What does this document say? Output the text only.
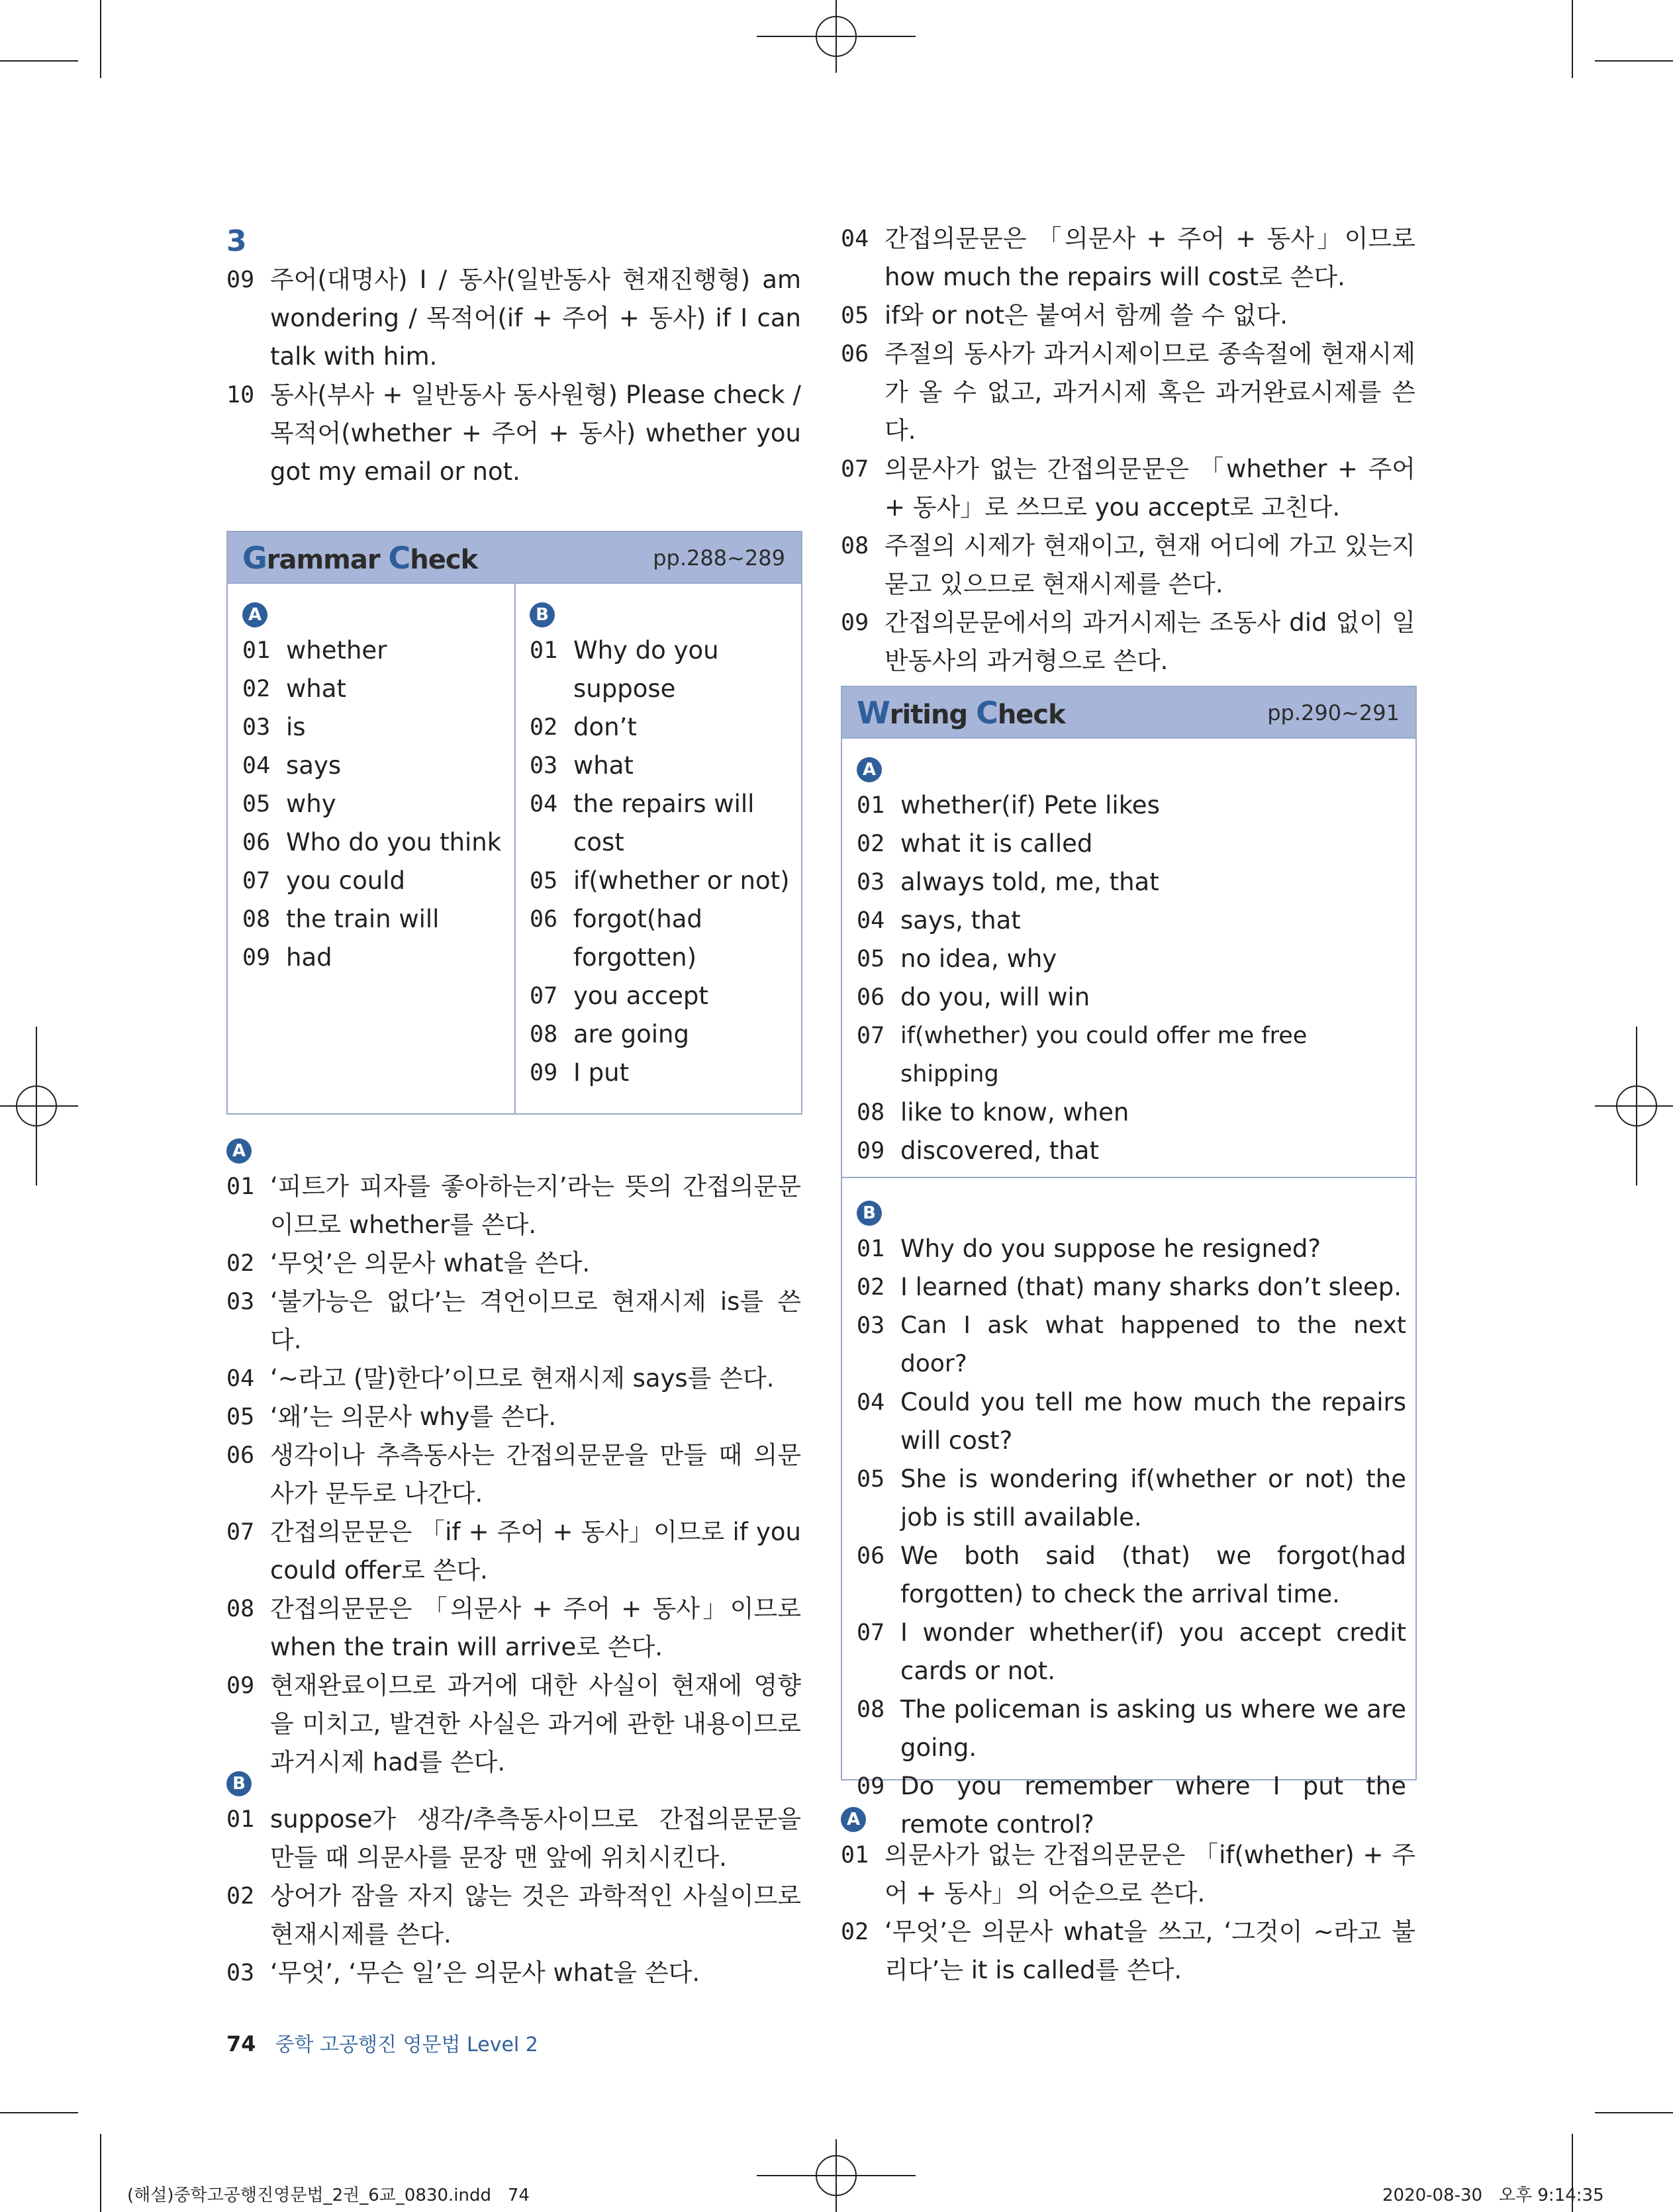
3
09 주어(대명사) I / 동사(일반동사 현재진행형) am wondering / 목적어(if + 주어 + 동사) if I can talk with him.
10 동사(부사 + 일반동사 동사원형) Please check / 목적어(whether + 주어 + 동사) whether you got my email or not.
Grammar Check	pp.288~289
A
01 whether
02 what
03 is
04 says
05 why
06 Who do you think
07 you could
08 the train will
09 had
B
01 Why do you suppose
02 don’t
03 what
04 the repairs will cost
05 if(whether or not)
06 forgot(had forgotten)
07 you accept
08 are going
09 I put
A
01 ‘피트가 피자를 좋아하는지’라는 뜻의 간접의문문이므로 whether를 쓴다.
02 ‘무엇’은 의문사 what을 쓴다.
03 ‘불가능은 없다’는 격언이므로 현재시제 is를 쓴다.
04 ‘~라고 (말)한다’이므로 현재시제 says를 쓴다.
05 ‘왜’는 의문사 why를 쓴다.
06 생각이나 추측동사는 간접의문문을 만들 때 의문사가 문두로 나간다.
07 간접의문문은 「if + 주어 + 동사」이므로 if you could offer로 쓴다.
08 간접의문문은 「의문사 + 주어 + 동사」이므로 when the train will arrive로 쓴다.
09 현재완료이므로 과거에 대한 사실이 현재에 영향을 미치고, 발견한 사실은 과거에 관한 내용이므로 과거시제 had를 쓴다.
B
01 suppose가 생각/추측동사이므로 간접의문문을 만들 때 의문사를 문장 맨 앞에 위치시킨다.
02 상어가 잠을 자지 않는 것은 과학적인 사실이므로 현재시제를 쓴다.
03 ‘무엇’, ‘무슨 일’은 의문사 what을 쓴다.
04 간접의문문은 「의문사 + 주어 + 동사」이므로 how much the repairs will cost로 쓴다.
05 if와 or not은 붙여서 함께 쓸 수 없다.
06 주절의 동사가 과거시제이므로 종속절에 현재시제가 올 수 없고, 과거시제 혹은 과거완료시제를 쓴다.
07 의문사가 없는 간접의문문은 「whether + 주어 + 동사」로 쓰므로 you accept로 고친다.
08 주절의 시제가 현재이고, 현재 어디에 가고 있는지 묻고 있으므로 현재시제를 쓴다.
09 간접의문문에서의 과거시제는 조동사 did 없이 일반동사의 과거형으로 쓴다.
Writing Check	pp.290~291
A
01 whether(if) Pete likes
02 what it is called
03 always told, me, that
04 says, that
05 no idea, why
06 do you, will win
07 if(whether) you could offer me free shipping
08 like to know, when
09 discovered, that
B
01 Why do you suppose he resigned?
02 I learned (that) many sharks don’t sleep.
03 Can I ask what happened to the next door?
04 Could you tell me how much the repairs will cost?
05 She is wondering if(whether or not) the job is still available.
06 We both said (that) we forgot(had forgotten) to check the arrival time.
07 I wonder whether(if) you accept credit cards or not.
08 The policeman is asking us where we are going.
09 Do you remember where I put the remote control?
A
01 의문사가 없는 간접의문문은 「if(whether) + 주어 + 동사」의 어순으로 쓴다.
02 ‘무엇’은 의문사 what을 쓰고, ‘그것이 ~라고 불리다’는 it is called를 쓴다.
74 중학 고공행진 영문법 Level 2
(해설)중학고공행진영문법_2권_6교_0830.indd   74	2020-08-30   오후 9:14:35
